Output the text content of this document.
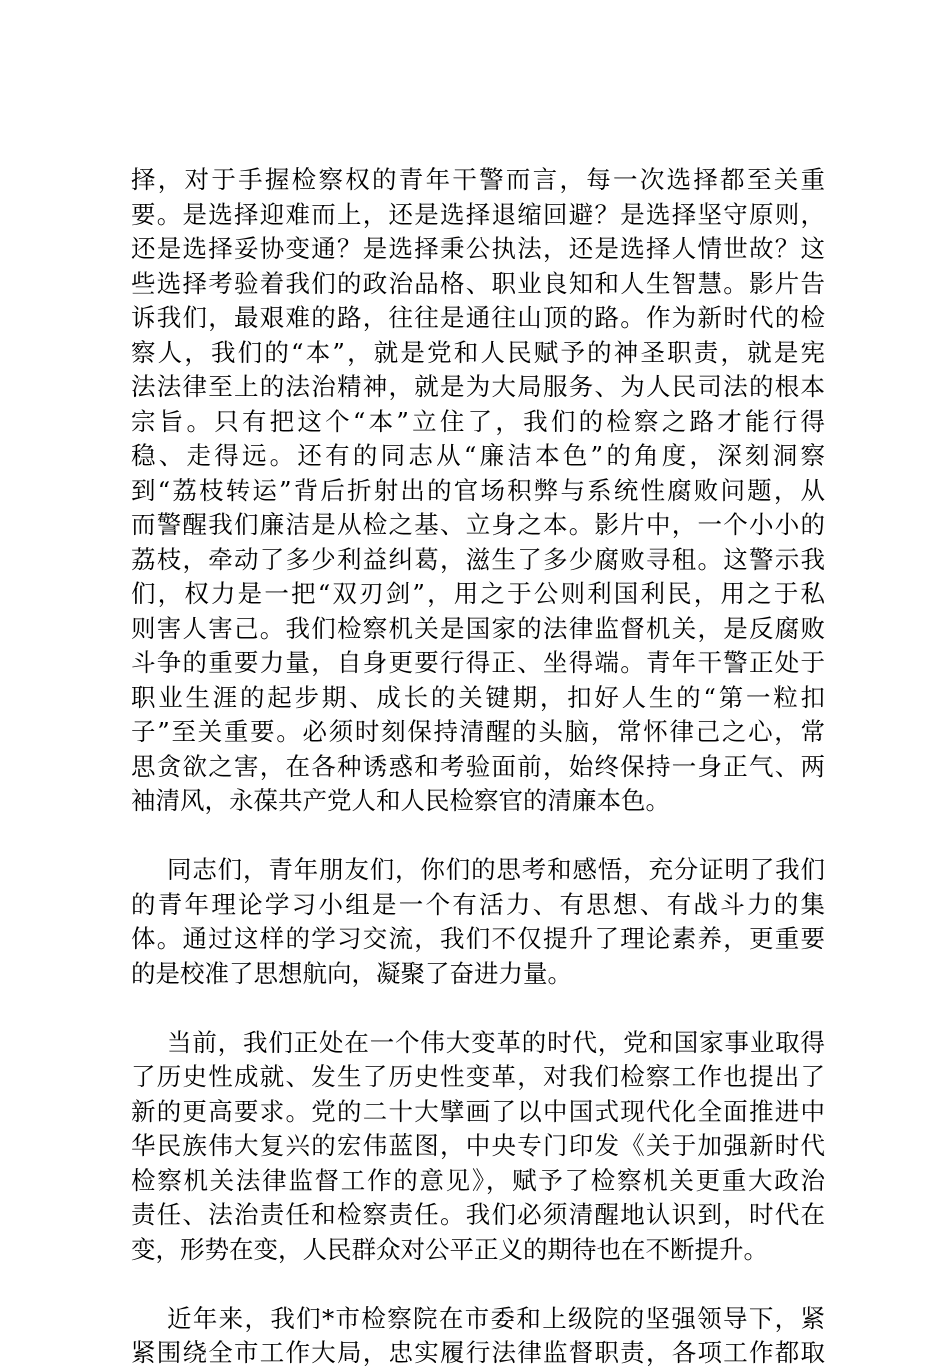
择，对于手握检察权的青年干警而言，每一次选择都至关重
要。是选择迎难而上，还是选择退缩回避？是选择坚守原则，
还是选择妥协变通？是选择秉公执法，还是选择人情世故？这
些选择考验着我们的政治品格、职业良知和人生智慧。影片告
诉我们，最艰难的路，往往是通往山顶的路。作为新时代的检
察人，我们的“本”，就是党和人民赋予的神圣职责，就是宪
法法律至上的法治精神，就是为大局服务、为人民司法的根本
宗旨。只有把这个“本”立住了，我们的检察之路才能行得
稳、走得远。还有的同志从“廉洁本色”的角度，深刻洞察
到“荔枝转运”背后折射出的官场积弊与系统性腐败问题，从
而警醒我们廉洁是从检之基、立身之本。影片中，一个小小的
荔枝，牵动了多少利益纠葛，滋生了多少腐败寻租。这警示我
们，权力是一把“双刃剑”，用之于公则利国利民，用之于私
则害人害己。我们检察机关是国家的法律监督机关，是反腐败
斗争的重要力量，自身更要行得正、坐得端。青年干警正处于
职业生涯的起步期、成长的关键期，扣好人生的“第一粒扣
子”至关重要。必须时刻保持清醒的头脑，常怀律己之心，常
思贪欲之害，在各种诱惑和考验面前，始终保持一身正气、两
袖清风，永葆共产党人和人民检察官的清廉本色。
同志们，青年朋友们，你们的思考和感悟，充分证明了我们
的青年理论学习小组是一个有活力、有思想、有战斗力的集
体。通过这样的学习交流，我们不仅提升了理论素养，更重要
的是校准了思想航向，凝聚了奋进力量。
当前，我们正处在一个伟大变革的时代，党和国家事业取得
了历史性成就、发生了历史性变革，对我们检察工作也提出了
新的更高要求。党的二十大擘画了以中国式现代化全面推进中
华民族伟大复兴的宏伟蓝图，中央专门印发《关于加强新时代
检察机关法律监督工作的意见》，赋予了检察机关更重大政治
责任、法治责任和检察责任。我们必须清醒地认识到，时代在
变，形势在变，人民群众对公平正义的期待也在不断提升。
近年来，我们*市检察院在市委和上级院的坚强领导下，紧
紧围绕全市工作大局，忠实履行法律监督职责，各项工作都取
